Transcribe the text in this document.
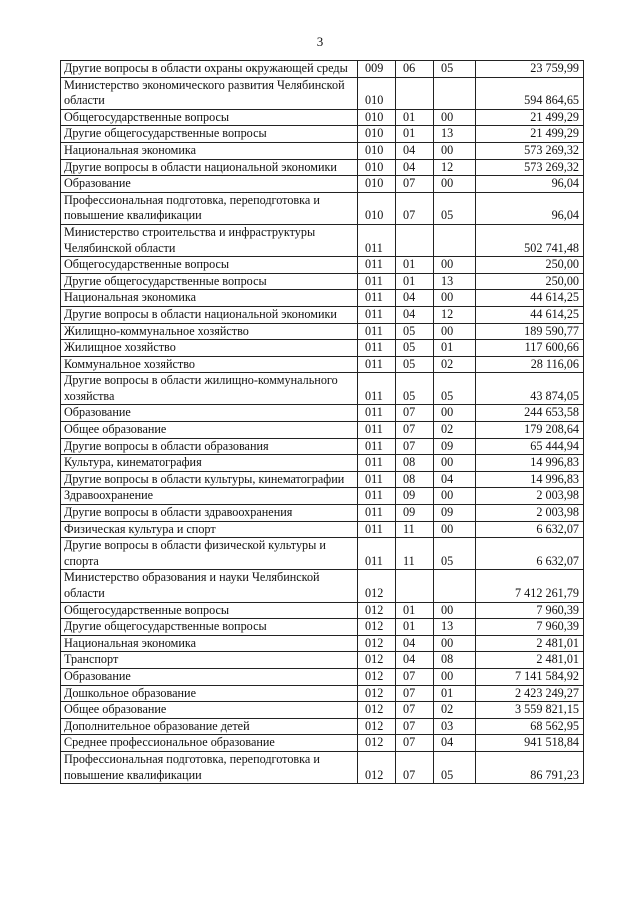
3
Другие вопросы в области охраны окружающей среды	009	06	05	23 759,99
Министерство экономического развития Челябинской области	010			594 864,65
Общегосударственные вопросы	010	01	00	21 499,29
Другие общегосударственные вопросы	010	01	13	21 499,29
Национальная экономика	010	04	00	573 269,32
Другие вопросы в области национальной экономики	010	04	12	573 269,32
Образование	010	07	00	96,04
Профессиональная подготовка, переподготовка и повышение квалификации	010	07	05	96,04
Министерство строительства и инфраструктуры Челябинской области	011			502 741,48
Общегосударственные вопросы	011	01	00	250,00
Другие общегосударственные вопросы	011	01	13	250,00
Национальная экономика	011	04	00	44 614,25
Другие вопросы в области национальной экономики	011	04	12	44 614,25
Жилищно-коммунальное хозяйство	011	05	00	189 590,77
Жилищное хозяйство	011	05	01	117 600,66
Коммунальное хозяйство	011	05	02	28 116,06
Другие вопросы в области жилищно-коммунального хозяйства	011	05	05	43 874,05
Образование	011	07	00	244 653,58
Общее образование	011	07	02	179 208,64
Другие вопросы в области образования	011	07	09	65 444,94
Культура, кинематография	011	08	00	14 996,83
Другие вопросы в области культуры, кинематографии	011	08	04	14 996,83
Здравоохранение	011	09	00	2 003,98
Другие вопросы в области здравоохранения	011	09	09	2 003,98
Физическая культура и спорт	011	11	00	6 632,07
Другие вопросы в области физической культуры и спорта	011	11	05	6 632,07
Министерство образования и науки Челябинской области	012			7 412 261,79
Общегосударственные вопросы	012	01	00	7 960,39
Другие общегосударственные вопросы	012	01	13	7 960,39
Национальная экономика	012	04	00	2 481,01
Транспорт	012	04	08	2 481,01
Образование	012	07	00	7 141 584,92
Дошкольное образование	012	07	01	2 423 249,27
Общее образование	012	07	02	3 559 821,15
Дополнительное образование детей	012	07	03	68 562,95
Среднее профессиональное образование	012	07	04	941 518,84
Профессиональная подготовка, переподготовка и повышение квалификации	012	07	05	86 791,23
